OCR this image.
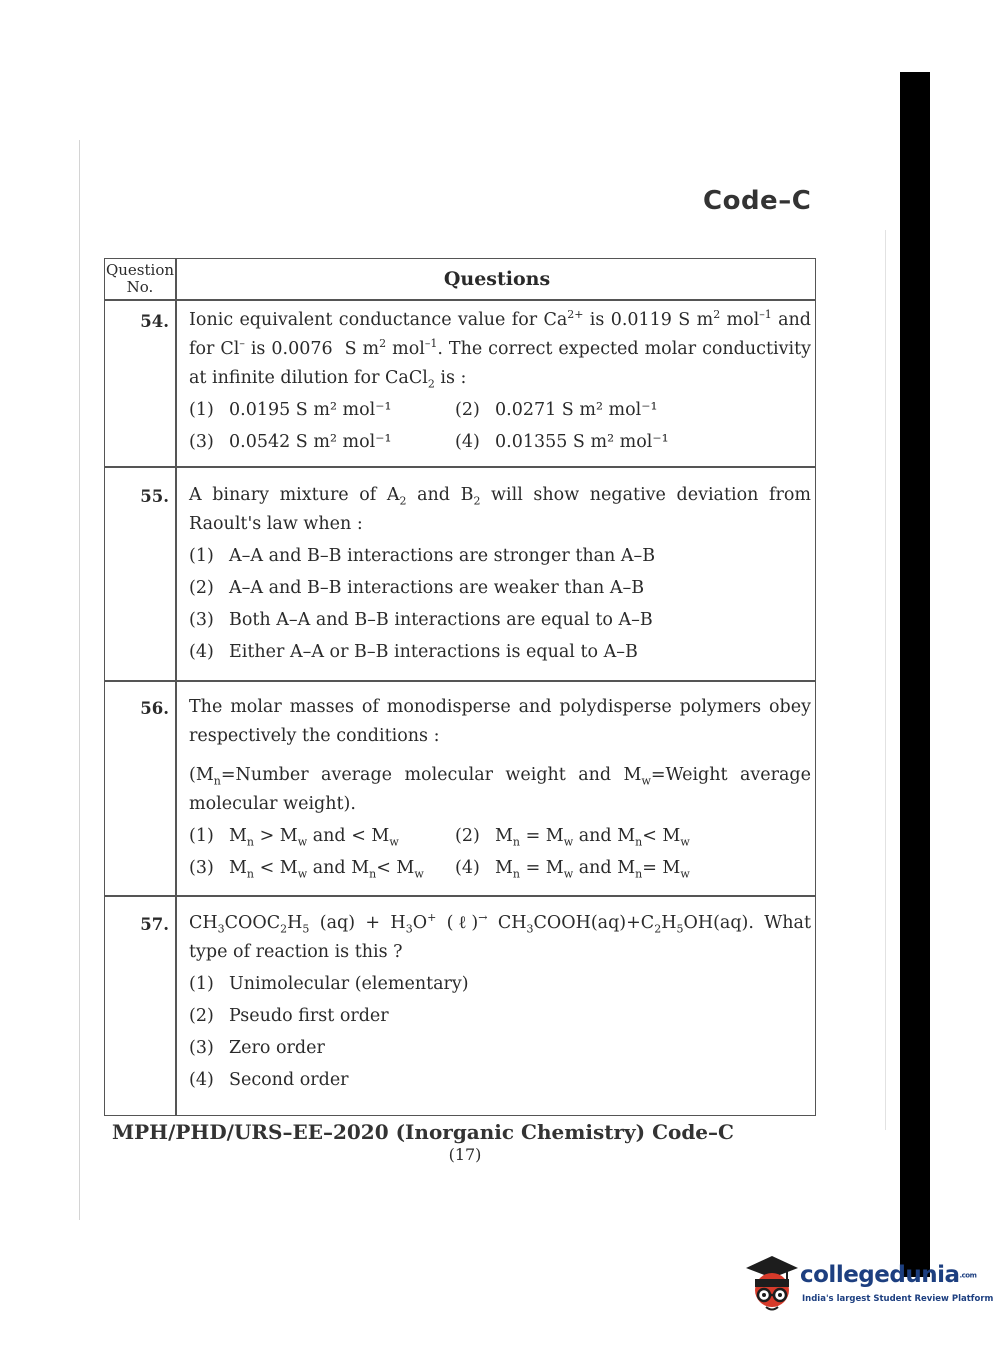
Code–C
Question No.	Questions
54. Ionic equivalent conductance value for $Ca^{2+}$ is 0.0119 S $m^2$ mol$^{-1}$ and for Cl– is 0.0076  S $m^2$ mol$^{-1}$. The correct expected molar conductivity at infinite dilution for CaCl$_2$ is :

(1) 0.0195 S m² mol⁻¹	(2) 0.0271 S m² mol⁻¹
(3) 0.0542 S m² mol⁻¹	(4) 0.01355 S m² mol⁻¹
55. A binary mixture of $A_2$ and $B_2$ will show negative deviation from Raoult's law when :

(1) A–A and B–B interactions are stronger than A–B
(2) A–A and B–B interactions are weaker than A–B
(3) Both A–A and B–B interactions are equal to A–B
(4) Either A–A or B–B interactions is equal to A–B
56. The molar masses of monodisperse and polydisperse polymers obey respectively the conditions :

($M_n=Number$ average molecular weight and $M_w=Weight$ average molecular weight).

(1) $M_n > M_w$ and < $M_w$	(2) $M_n = M_w$ and $M_n< M_w$
(3) $M_n < M_w$ and $M_n< M_w$ (4) $M_n = M_w$ and $M_n= M_w$
57. $CH_3COOC_2H_5$ $(aq) + H_3O^+$ (ℓ)→ $CH_3COOH(aq)+C_2H_5OH(aq)$. What type of reaction is this ?

(1) Unimolecular (elementary)
(2) Pseudo first order
(3) Zero order
(4) Second order
MPH/PHD/URS–EE–2020 (Inorganic Chemistry) Code–C
(17)
collegedunia.com
India's largest Student Review Platform
